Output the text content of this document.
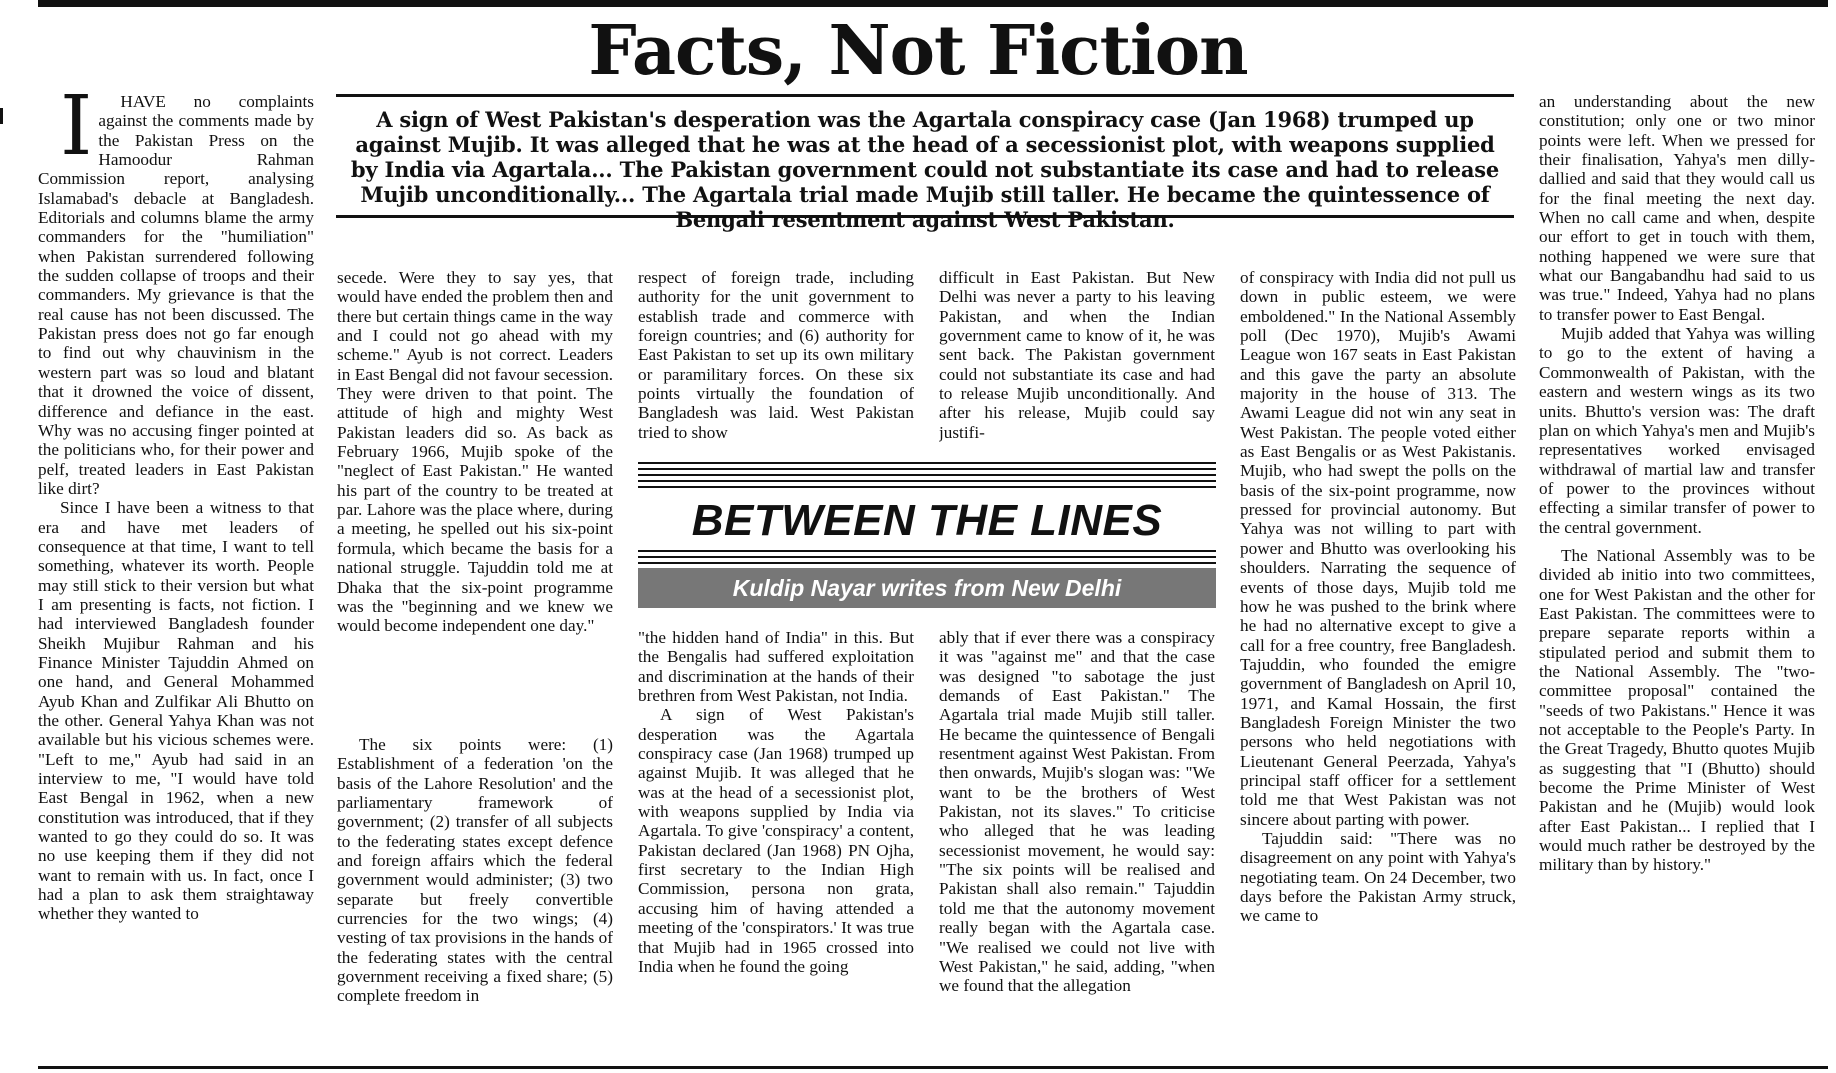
Facts, Not Fiction
A sign of West Pakistan's desperation was the Agartala conspiracy case (Jan 1968) trumped up against Mujib. It was alleged that he was at the head of a secessionist plot, with weapons supplied by India via Agartala... The Pakistan government could not substantiate its case and had to release Mujib unconditionally... The Agartala trial made Mujib still taller. He became the quintessence of Bengali resentment against West Pakistan.

I	HAVE no complaints against the comments made by the Pakistan Press on the Hamoodur Rahman Commission report, analysing Islamabad's debacle at Bangladesh. Editorials and columns blame the army commanders for the "humiliation" when Pakistan surrendered following the sudden collapse of troops and their commanders. My grievance is that the real cause has not been discussed. The Pakistan press does not go far enough to find out why chauvinism in the western part was so loud and blatant that it drowned the voice of dissent, difference and defiance in the east. Why was no accusing finger pointed at the politicians who, for their power and pelf, treated leaders in East Pakistan like dirt?

Since I have been a witness to that era and have met leaders of consequence at that time, I want to tell something, whatever its worth. People may still stick to their version but what I am presenting is facts, not fiction. I had interviewed Bangladesh founder Sheikh Mujibur Rahman and his Finance Minister Tajuddin Ahmed on one hand, and General Mohammed Ayub Khan and Zulfikar Ali Bhutto on the other. General Yahya Khan was not available but his vicious schemes were. "Left to me," Ayub had said in an interview to me, "I would have told East Bengal in 1962, when a new constitution was introduced, that if they wanted to go they could do so. It was no use keeping them if they did not want to remain with us. In fact, once I had a plan to ask them straightaway whether they wanted to

secede. Were they to say yes, that would have ended the problem then and there but certain things came in the way and I could not go ahead with my scheme." Ayub is not correct. Leaders in East Bengal did not favour secession. They were driven to that point. The attitude of high and mighty West Pakistan leaders did so. As back as February 1966, Mujib spoke of the "neglect of East Pakistan." He wanted his part of the country to be treated at par. Lahore was the place where, during a meeting, he spelled out his six-point formula, which became the basis for a national struggle. Tajuddin told me at Dhaka that the six-point programme was the "beginning and we knew we would become independent one day."

The six points were: (1) Establishment of a federation 'on the basis of the Lahore Resolution' and the parliamentary framework of government; (2) transfer of all subjects to the federating states except defence and foreign affairs which the federal government would administer; (3) two separate but freely convertible currencies for the two wings; (4) vesting of tax provisions in the hands of the federating states with the central government receiving a fixed share; (5) complete freedom in

respect of foreign trade, including authority for the unit government to establish trade and commerce with foreign countries; and (6) authority for East Pakistan to set up its own military or paramilitary forces. On these six points virtually the foundation of Bangladesh was laid. West Pakistan tried to show

"the hidden hand of India" in this. But the Bengalis had suffered exploitation and discrimination at the hands of their brethren from West Pakistan, not India.

A sign of West Pakistan's desperation was the Agartala conspiracy case (Jan 1968) trumped up against Mujib. It was alleged that he was at the head of a secessionist plot, with weapons supplied by India via Agartala. To give 'conspiracy' a content, Pakistan declared (Jan 1968) PN Ojha, first secretary to the Indian High Commission, persona non grata, accusing him of having attended a meeting of the 'conspirators.' It was true that Mujib had in 1965 crossed into India when he found the going

difficult in East Pakistan. But New Delhi was never a party to his leaving Pakistan, and when the Indian government came to know of it, he was sent back. The Pakistan government could not substantiate its case and had to release Mujib unconditionally. And after his release, Mujib could say justifi-

ably that if ever there was a conspiracy it was "against me" and that the case was designed "to sabotage the just demands of East Pakistan." The Agartala trial made Mujib still taller. He became the quintessence of Bengali resentment against West Pakistan. From then onwards, Mujib's slogan was: "We want to be the brothers of West Pakistan, not its slaves." To criticise who alleged that he was leading secessionist movement, he would say: "The six points will be realised and Pakistan shall also remain." Tajuddin told me that the autonomy movement really began with the Agartala case. "We realised we could not live with West Pakistan," he said, adding, "when we found that the allegation

BETWEEN THE LINES
Kuldip Nayar writes from New Delhi

of conspiracy with India did not pull us down in public esteem, we were emboldened." In the National Assembly poll (Dec 1970), Mujib's Awami League won 167 seats in East Pakistan and this gave the party an absolute majority in the house of 313. The Awami League did not win any seat in West Pakistan. The people voted either as East Bengalis or as West Pakistanis. Mujib, who had swept the polls on the basis of the six-point programme, now pressed for provincial autonomy. But Yahya was not willing to part with power and Bhutto was overlooking his shoulders. Narrating the sequence of events of those days, Mujib told me how he was pushed to the brink where he had no alternative except to give a call for a free country, free Bangladesh. Tajuddin, who founded the emigre government of Bangladesh on April 10, 1971, and Kamal Hossain, the first Bangladesh Foreign Minister the two persons who held negotiations with Lieutenant General Peerzada, Yahya's principal staff officer for a settlement told me that West Pakistan was not sincere about parting with power.

Tajuddin said: "There was no disagreement on any point with Yahya's negotiating team. On 24 December, two days before the Pakistan Army struck, we came to

an understanding about the new constitution; only one or two minor points were left. When we pressed for their finalisation, Yahya's men dilly-dallied and said that they would call us for the final meeting the next day. When no call came and when, despite our effort to get in touch with them, nothing happened we were sure that what our Bangabandhu had said to us was true." Indeed, Yahya had no plans to transfer power to East Bengal.

Mujib added that Yahya was willing to go to the extent of having a Commonwealth of Pakistan, with the eastern and western wings as its two units. Bhutto's version was: The draft plan on which Yahya's men and Mujib's representatives worked envisaged withdrawal of martial law and transfer of power to the provinces without effecting a similar transfer of power to the central government.

The National Assembly was to be divided ab initio into two committees, one for West Pakistan and the other for East Pakistan. The committees were to prepare separate reports within a stipulated period and submit them to the National Assembly. The "two-committee proposal" contained the "seeds of two Pakistans." Hence it was not acceptable to the People's Party. In the Great Tragedy, Bhutto quotes Mujib as suggesting that "I (Bhutto) should become the Prime Minister of West Pakistan and he (Mujib) would look after East Pakistan... I replied that I would much rather be destroyed by the military than by history."
